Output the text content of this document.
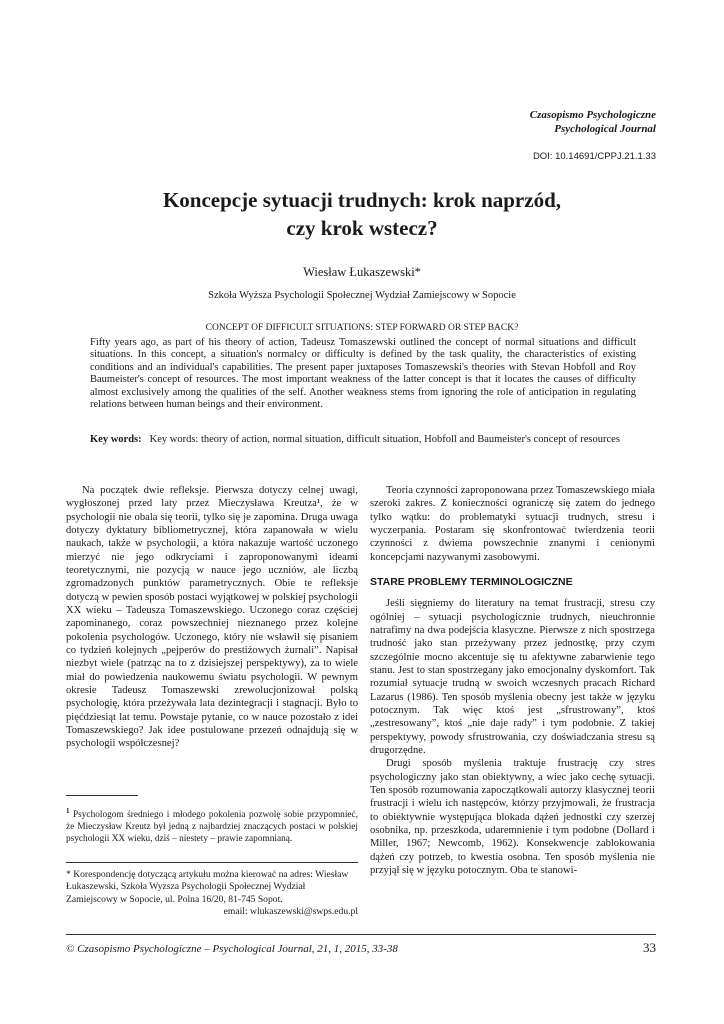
Czasopismo Psychologiczne
Psychological Journal
DOI: 10.14691/CPPJ.21.1.33
Koncepcje sytuacji trudnych: krok naprzód,
czy krok wstecz?
Wiesław Łukaszewski*
Szkoła Wyższa Psychologii Społecznej Wydział Zamiejscowy w Sopocie
CONCEPT OF DIFFICULT SITUATIONS: STEP FORWARD OR STEP BACK?
Fifty years ago, as part of his theory of action, Tadeusz Tomaszewski outlined the concept of normal situations and difficult situations. In this concept, a situation's normalcy or difficulty is defined by the task quality, the characteristics of existing conditions and an individual's capabilities. The present paper juxtaposes Tomaszewski's theories with Stevan Hobfoll and Roy Baumeister's concept of resources. The most important weakness of the latter concept is that it locates the causes of difficulty almost exclusively among the qualities of the self. Another weakness stems from ignoring the role of anticipation in regulating relations between human beings and their environment.
Key words: Key words: theory of action, normal situation, difficult situation, Hobfoll and Baumeister's concept of resources

Na początek dwie refleksje. Pierwsza dotyczy celnej uwagi, wygłoszonej przed laty przez Mieczysława Kreutza¹, że w psychologii nie obala się teorii, tylko się je zapomina. Druga uwaga dotyczy dyktatury bibliometrycznej, która zapanowała w wielu naukach, także w psychologii, a która nakazuje wartość uczonego mierzyć nie jego odkryciami i zaproponowanymi ideami teoretycznymi, nie pozycją w nauce jego uczniów, ale liczbą zgromadzonych punktów parametrycznych. Obie te refleksje dotyczą w pewien sposób postaci wyjątkowej w polskiej psychologii XX wieku – Tadeusza Tomaszewskiego. Uczonego coraz częściej zapominanego, coraz powszechniej nieznanego przez kolejne pokolenia psychologów. Uczonego, który nie wsławił się pisaniem co tydzień kolejnych „pejperów do prestiżowych żurnali”. Napisał niezbyt wiele (patrząc na to z dzisiejszej perspektywy), za to wiele miał do powiedzenia naukowemu światu psychologii. W pewnym okresie Tadeusz Tomaszewski zrewolucjonizował polską psychologię, która przeżywała lata dezintegracji i stagnacji. Było to pięćdziesiąt lat temu. Powstaje pytanie, co w nauce pozostało z idei Tomaszewskiego? Jak idee postulowane przezeń odnajdują się w psychologii współczesnej?

$^1$ Psychologom średniego i młodego pokolenia pozwolę sobie przypomnieć, że Mieczysław Kreutz był jedną z najbardziej znaczących postaci w polskiej psychologii XX wieku, dziś – niestety – prawie zapomnianą.
* Korespondencję dotyczącą artykułu można kierować na adres: Wiesław Łukaszewski, Szkoła Wyzsza Psychologii Społecznej Wydział Zamiejscowy w Sopocie, ul. Polna 16/20, 81-745 Sopot.
email: wlukaszewski@swps.edu.pl

Teoria czynności zaproponowana przez Tomaszewskiego miała szeroki zakres. Z konieczności ograniczę się zatem do jednego tylko wątku: do problematyki sytuacji trudnych, stresu i wyczerpania. Postaram się skonfrontować twierdzenia teorii czynności z dwiema powszechnie znanymi i cenionymi koncepcjami nazywanymi zasobowymi.

STARE PROBLEMY TERMINOLOGICZNE

Jeśli sięgniemy do literatury na temat frustracji, stresu czy ogólniej – sytuacji psychologicznie trudnych, nieuchronnie natrafimy na dwa podejścia klasyczne. Pierwsze z nich spostrzega trudność jako stan przeżywany przez jednostkę, przy czym szczególnie mocno akcentuje się tu afektywne zabarwienie tego stanu. Jest to stan spostrzegany jako emocjonalny dyskomfort. Tak rozumiał sytuacje trudną w swoich wczesnych pracach Richard Lazarus (1986). Ten sposób myślenia obecny jest także w języku potocznym. Tak więc ktoś jest „sfrustrowany”, ktoś „zestresowany”, ktoś „nie daje rady” i tym podobnie. Z takiej perspektywy, powody sfrustrowania, czy doświadczania stresu są drugorzędne.

Drugi sposób myślenia traktuje frustrację czy stres psychologiczny jako stan obiektywny, a wiec jako cechę sytuacji. Ten sposób rozumowania zapoczątkowali autorzy klasycznej teorii frustracji i wielu ich następców, którzy przyjmowali, że frustracja to obiektywnie występująca blokada dążeń jednostki czy szerzej osobnika, np. przeszkoda, udaremnienie i tym podobne (Dollard i Miller, 1967; Newcomb, 1962). Konsekwencje zablokowania dążeń czy potrzeb, to kwestia osobna. Ten sposób myślenia nie przyjął się w języku potocznym. Oba te stanowi-

© Czasopismo Psychologiczne – Psychological Journal, 21, 1, 2015, 33-38	33
